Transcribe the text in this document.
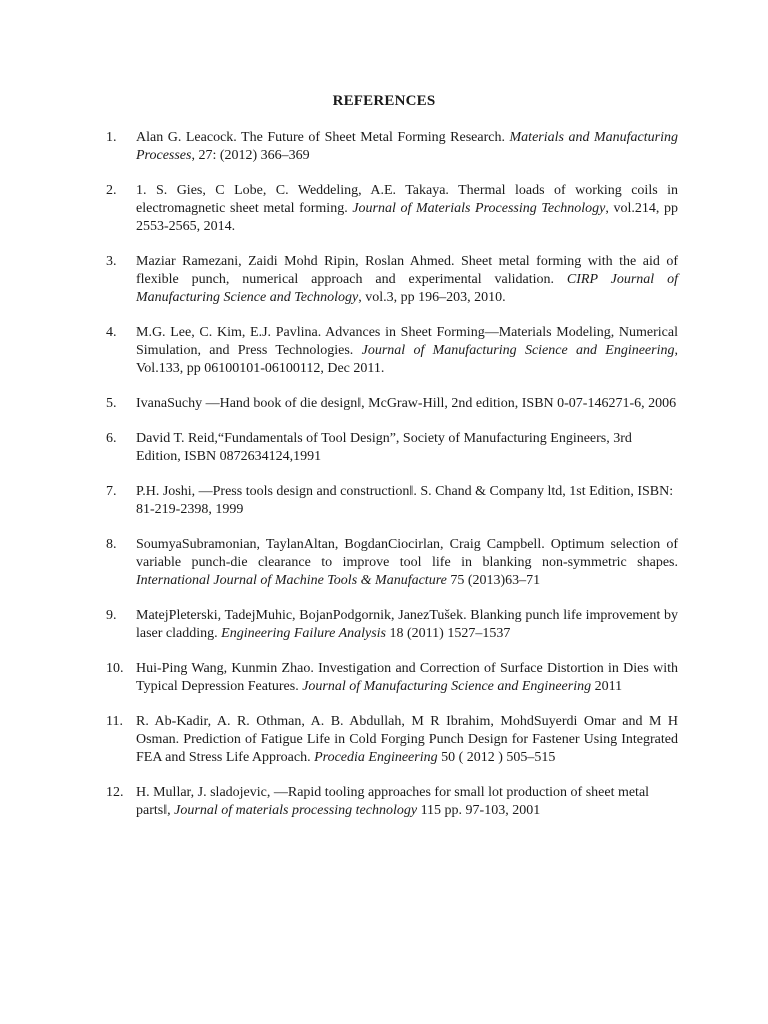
REFERENCES
1.	Alan G. Leacock. The Future of Sheet Metal Forming Research. Materials and Manufacturing Processes, 27: (2012) 366–369
2.	1. S. Gies, C Lobe, C. Weddeling, A.E. Takaya. Thermal loads of working coils in electromagnetic sheet metal forming. Journal of Materials Processing Technology, vol.214, pp 2553-2565, 2014.
3.	Maziar Ramezani, Zaidi Mohd Ripin, Roslan Ahmed. Sheet metal forming with the aid of flexible punch, numerical approach and experimental validation. CIRP Journal of Manufacturing Science and Technology, vol.3, pp 196–203, 2010.
4.	M.G. Lee, C. Kim, E.J. Pavlina. Advances in Sheet Forming—Materials Modeling, Numerical Simulation, and Press Technologies. Journal of Manufacturing Science and Engineering, Vol.133, pp 06100101-06100112, Dec 2011.
5.	IvanaSuchy —Hand book of die design‖, McGraw-Hill, 2nd edition, ISBN 0-07-146271-6, 2006
6.	David T. Reid,“Fundamentals of Tool Design”, Society of Manufacturing Engineers, 3rd Edition, ISBN 0872634124,1991
7.	P.H. Joshi, —Press tools design and construction‖. S. Chand & Company ltd, 1st Edition, ISBN: 81-219-2398, 1999
8.	SoumyaSubramonian, TaylanAltan, BogdanCiocirlan, Craig Campbell. Optimum selection of variable punch-die clearance to improve tool life in blanking non-symmetric shapes. International Journal of Machine Tools & Manufacture 75 (2013)63–71
9.	MatejPleterski, TadejMuhic, BojanPodgornik, JanezTušek. Blanking punch life improvement by laser cladding. Engineering Failure Analysis 18 (2011) 1527–1537
10. Hui-Ping Wang, Kunmin Zhao. Investigation and Correction of Surface Distortion in Dies with Typical Depression Features. Journal of Manufacturing Science and Engineering 2011
11. R. Ab-Kadir, A. R. Othman, A. B. Abdullah, M R Ibrahim, MohdSuyerdi Omar and M H Osman. Prediction of Fatigue Life in Cold Forging Punch Design for Fastener Using Integrated FEA and Stress Life Approach. Procedia Engineering 50 ( 2012 ) 505–515
12. H. Mullar, J. sladojevic, —Rapid tooling approaches for small lot production of sheet metal parts‖, Journal of materials processing technology 115 pp. 97-103, 2001
